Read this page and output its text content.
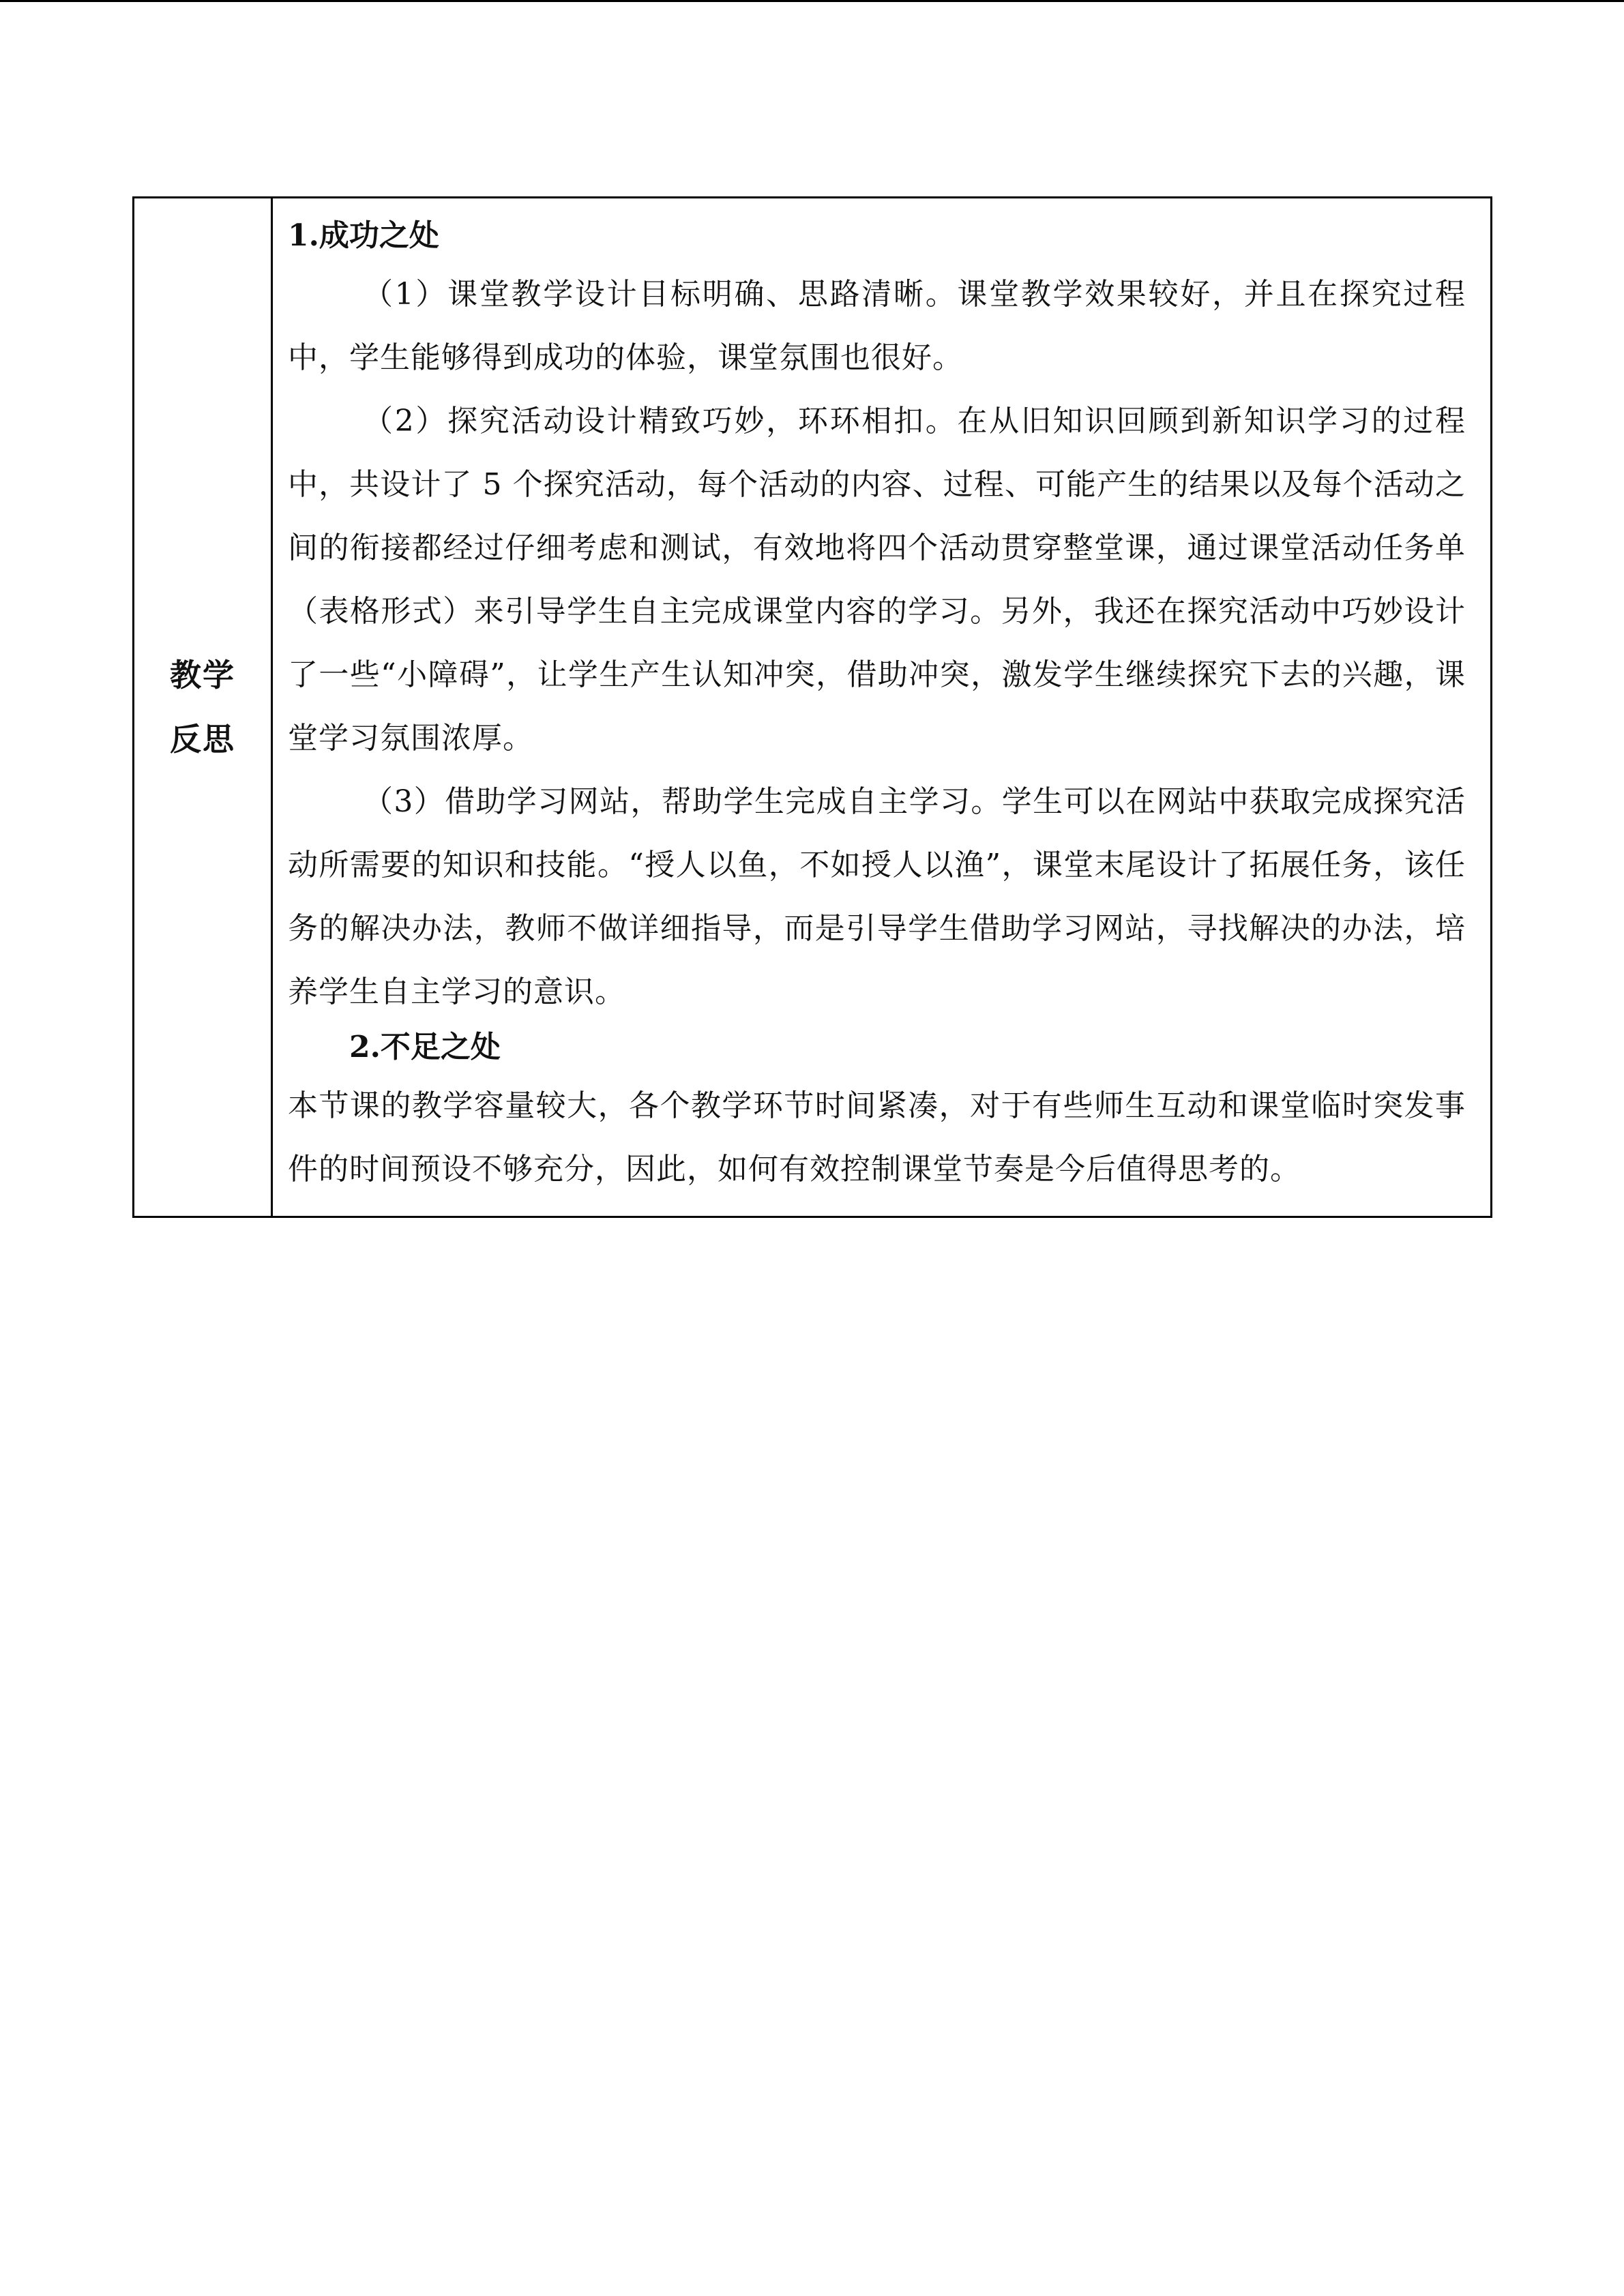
教学
反思
1.成功之处

（1）课堂教学设计目标明确、思路清晰。课堂教学效果较好，并且在探究过程中，学生能够得到成功的体验，课堂氛围也很好。

（2）探究活动设计精致巧妙，环环相扣。在从旧知识回顾到新知识学习的过程中，共设计了 5 个探究活动，每个活动的内容、过程、可能产生的结果以及每个活动之间的衔接都经过仔细考虑和测试，有效地将四个活动贯穿整堂课，通过课堂活动任务单（表格形式）来引导学生自主完成课堂内容的学习。另外，我还在探究活动中巧妙设计了一些“小障碍”，让学生产生认知冲突，借助冲突，激发学生继续探究下去的兴趣，课堂学习氛围浓厚。

（3）借助学习网站，帮助学生完成自主学习。学生可以在网站中获取完成探究活动所需要的知识和技能。“授人以鱼，不如授人以渔”，课堂末尾设计了拓展任务，该任务的解决办法，教师不做详细指导，而是引导学生借助学习网站，寻找解决的办法，培养学生自主学习的意识。

2.不足之处

本节课的教学容量较大，各个教学环节时间紧凑，对于有些师生互动和课堂临时突发事件的时间预设不够充分，因此，如何有效控制课堂节奏是今后值得思考的。
